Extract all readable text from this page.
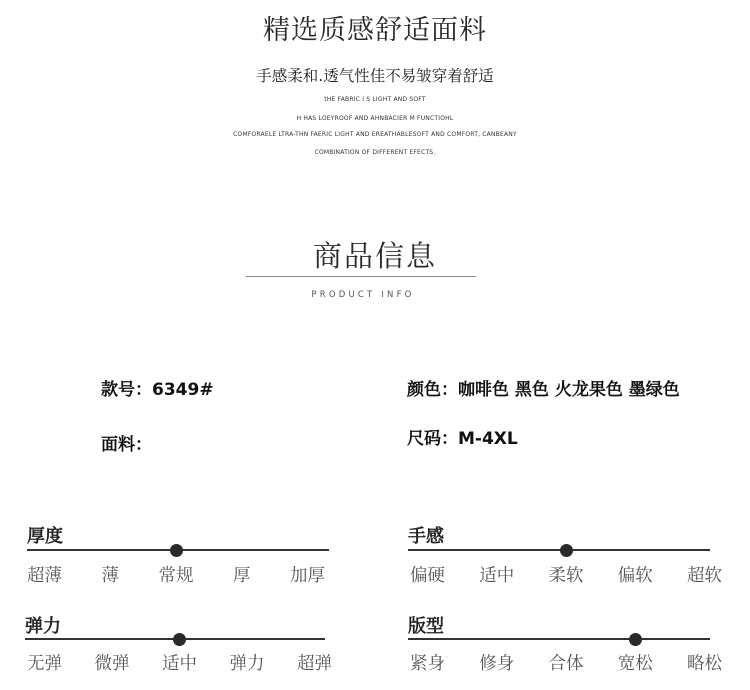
精选质感舒适面料
手感柔和.透气性佳不易皱穿着舒适
tHE FABRIC I S LIGHT AND SOFT
H HAS LOEYROOF AND AHNBACIER M FUNCTIOHL
COMFORAELE LTRA-THN FAERIC LIGHT AND EREATHABLESOFT AND COMFORT, CANBEANY
COMBINATION OF DIFFERENT EFECTS.
商品信息
PRODUCT INFO
款号：6349#	颜色：咖啡色 黑色 火龙果色 墨绿色
面料：	尺码：M-4XL
厚度
超薄 薄 常规 厚 加厚
手感
偏硬 适中 柔软 偏软 超软
弹力
无弹 微弹 适中 弹力 超弹
版型
紧身 修身 合体 宽松 略松
